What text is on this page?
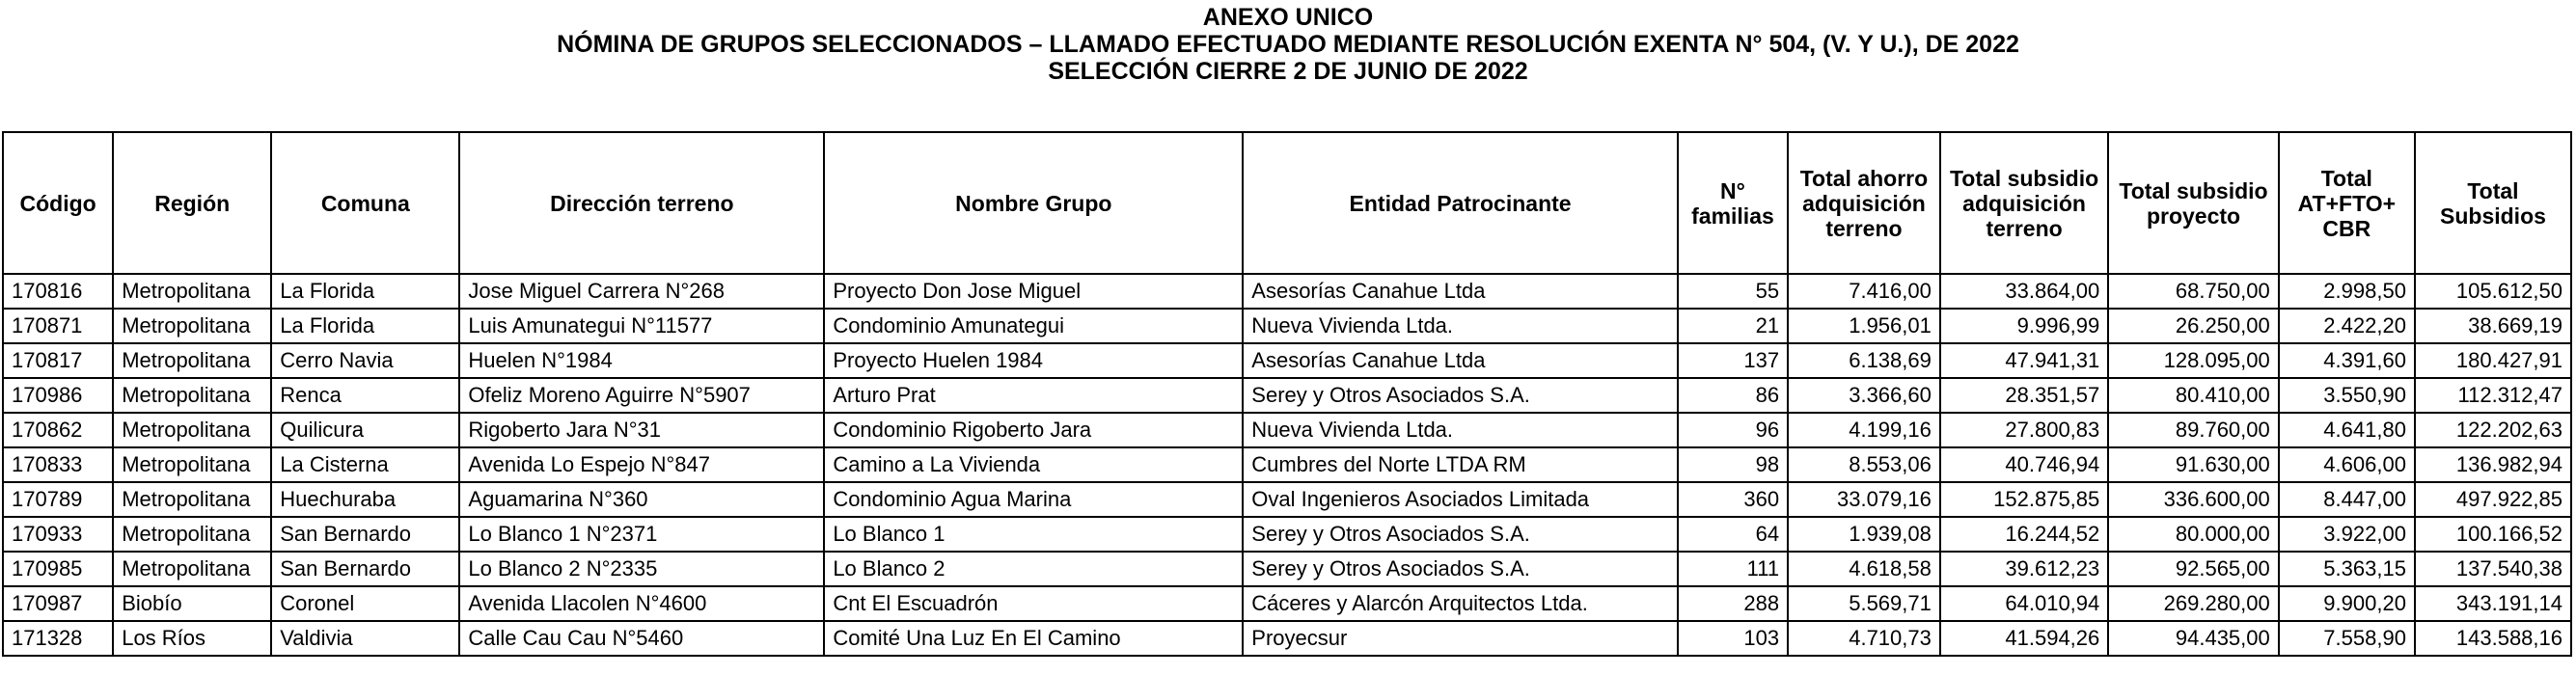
ANEXO UNICO
NÓMINA DE GRUPOS SELECCIONADOS – LLAMADO EFECTUADO MEDIANTE RESOLUCIÓN EXENTA N° 504, (V. Y U.), DE 2022
SELECCIÓN CIERRE 2 DE JUNIO DE 2022
Código	Región	Comuna	Dirección terreno	Nombre Grupo	Entidad Patrocinante	N° familias	Total ahorro adquisición terreno	Total subsidio adquisición terreno	Total subsidio proyecto	Total AT+FTO+ CBR	Total Subsidios
170816	Metropolitana	La Florida	Jose Miguel Carrera N°268	Proyecto Don Jose Miguel	Asesorías Canahue Ltda	55	7.416,00	33.864,00	68.750,00	2.998,50	105.612,50
170871	Metropolitana	La Florida	Luis Amunategui N°11577	Condominio Amunategui	Nueva Vivienda Ltda.	21	1.956,01	9.996,99	26.250,00	2.422,20	38.669,19
170817	Metropolitana	Cerro Navia	Huelen N°1984	Proyecto Huelen 1984	Asesorías Canahue Ltda	137	6.138,69	47.941,31	128.095,00	4.391,60	180.427,91
170986	Metropolitana	Renca	Ofeliz Moreno Aguirre N°5907	Arturo Prat	Serey y Otros Asociados S.A.	86	3.366,60	28.351,57	80.410,00	3.550,90	112.312,47
170862	Metropolitana	Quilicura	Rigoberto Jara N°31	Condominio Rigoberto Jara	Nueva Vivienda Ltda.	96	4.199,16	27.800,83	89.760,00	4.641,80	122.202,63
170833	Metropolitana	La Cisterna	Avenida Lo Espejo N°847	Camino a La Vivienda	Cumbres del Norte LTDA RM	98	8.553,06	40.746,94	91.630,00	4.606,00	136.982,94
170789	Metropolitana	Huechuraba	Aguamarina N°360	Condominio Agua Marina	Oval Ingenieros Asociados Limitada	360	33.079,16	152.875,85	336.600,00	8.447,00	497.922,85
170933	Metropolitana	San Bernardo	Lo Blanco 1 N°2371	Lo Blanco 1	Serey y Otros Asociados S.A.	64	1.939,08	16.244,52	80.000,00	3.922,00	100.166,52
170985	Metropolitana	San Bernardo	Lo Blanco 2 N°2335	Lo Blanco 2	Serey y Otros Asociados S.A.	111	4.618,58	39.612,23	92.565,00	5.363,15	137.540,38
170987	Biobío	Coronel	Avenida Llacolen N°4600	Cnt El Escuadrón	Cáceres y Alarcón Arquitectos Ltda.	288	5.569,71	64.010,94	269.280,00	9.900,20	343.191,14
171328	Los Ríos	Valdivia	Calle Cau Cau N°5460	Comité Una Luz En El Camino	Proyecsur	103	4.710,73	41.594,26	94.435,00	7.558,90	143.588,16
